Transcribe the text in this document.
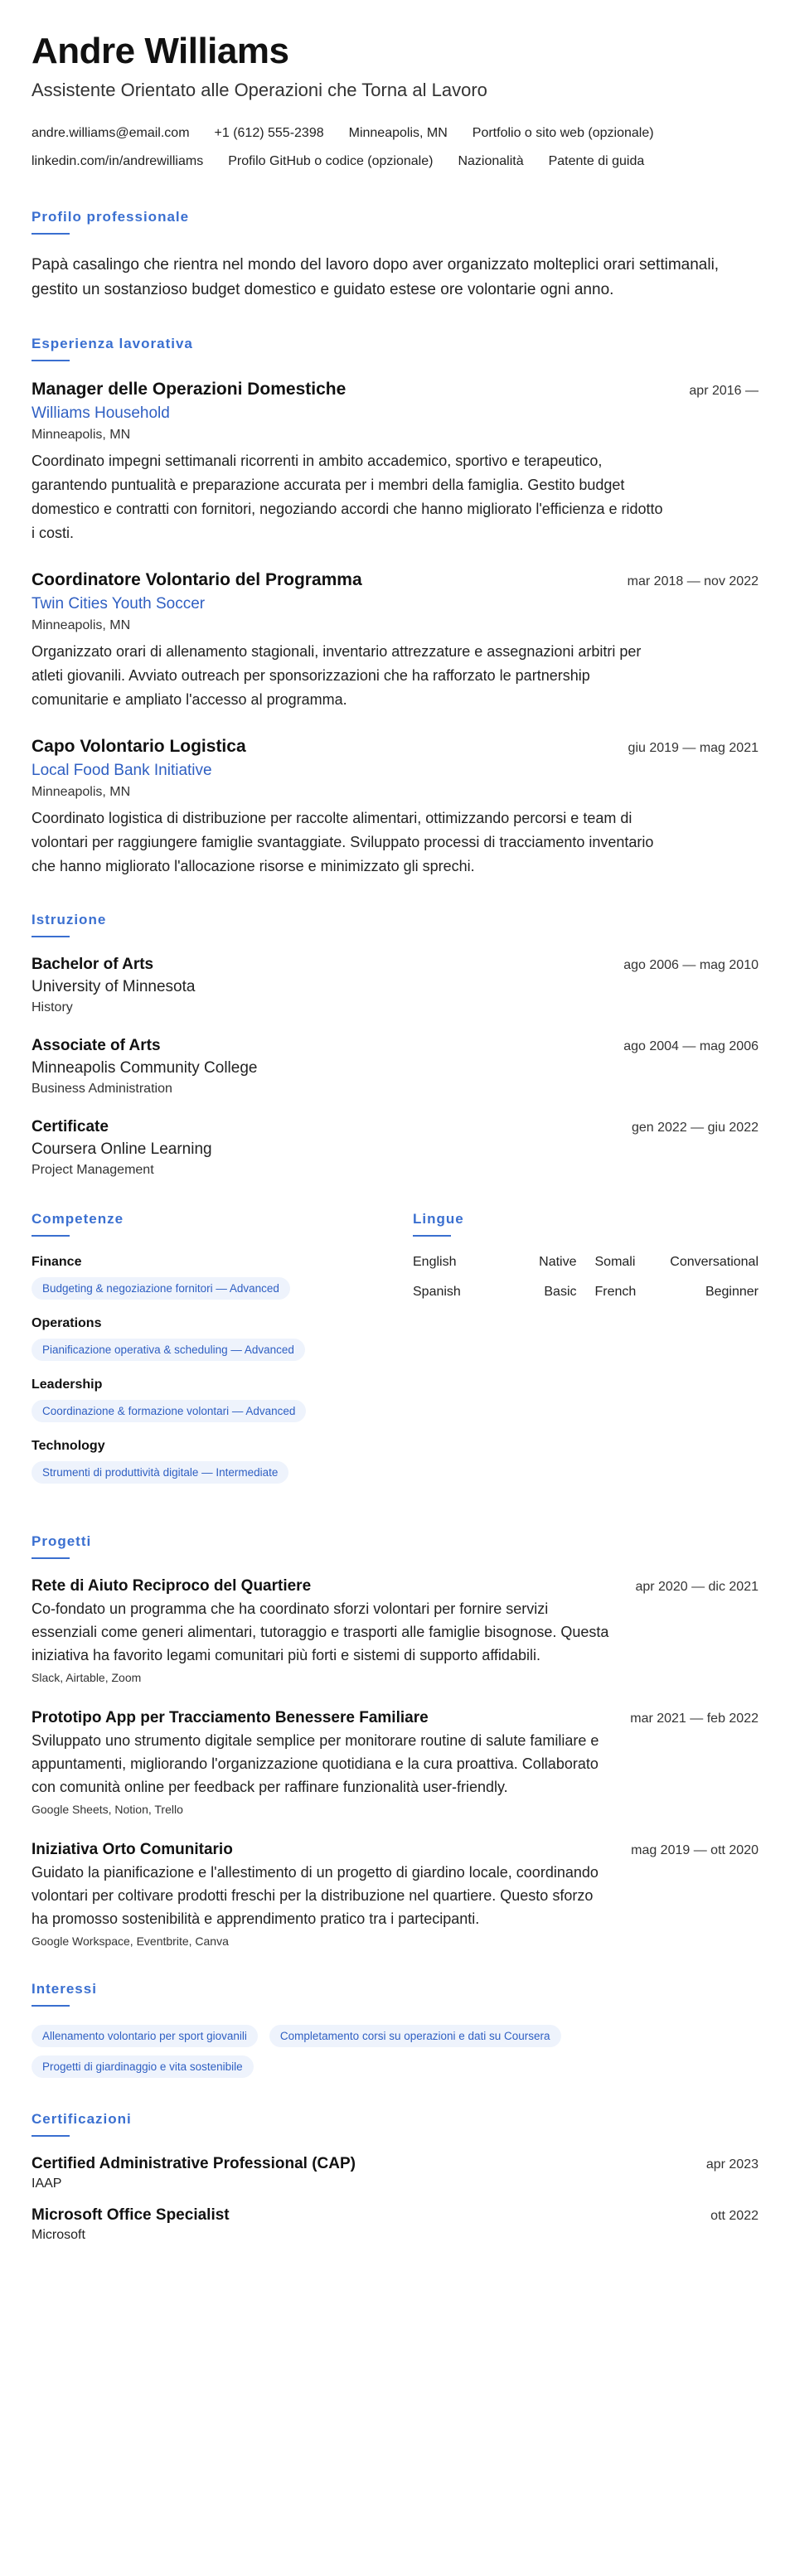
Andre Williams
Assistente Orientato alle Operazioni che Torna al Lavoro
andre.williams@email.com +1 (612) 555-2398 Minneapolis, MN Portfolio o sito web (opzionale)
linkedin.com/in/andrewilliams Profilo GitHub o codice (opzionale) Nazionalità Patente di guida
Profilo professionale

Papà casalingo che rientra nel mondo del lavoro dopo aver organizzato molteplici orari settimanali, gestito un sostanzioso budget domestico e guidato estese ore volontarie ogni anno.

Esperienza lavorativa
Manager delle Operazioni Domestiche	apr 2016 —
Williams Household
Minneapolis, MN

Coordinato impegni settimanali ricorrenti in ambito accademico, sportivo e terapeutico, garantendo puntualità e preparazione accurata per i membri della famiglia. Gestito budget domestico e contratti con fornitori, negoziando accordi che hanno migliorato l'efficienza e ridotto i costi.

Coordinatore Volontario del Programma	mar 2018 — nov 2022
Twin Cities Youth Soccer
Minneapolis, MN

Organizzato orari di allenamento stagionali, inventario attrezzature e assegnazioni arbitri per atleti giovanili. Avviato outreach per sponsorizzazioni che ha rafforzato le partnership comunitarie e ampliato l'accesso al programma.

Capo Volontario Logistica	giu 2019 — mag 2021
Local Food Bank Initiative
Minneapolis, MN

Coordinato logistica di distribuzione per raccolte alimentari, ottimizzando percorsi e team di volontari per raggiungere famiglie svantaggiate. Sviluppato processi di tracciamento inventario che hanno migliorato l'allocazione risorse e minimizzato gli sprechi.

Istruzione
Bachelor of Arts	ago 2006 — mag 2010
University of Minnesota
History
Associate of Arts	ago 2004 — mag 2006
Minneapolis Community College
Business Administration
Certificate	gen 2022 — giu 2022
Coursera Online Learning
Project Management
Competenze
Finance
Budgeting & negoziazione fornitori — Advanced
Operations
Pianificazione operativa & scheduling — Advanced
Leadership
Coordinazione & formazione volontari — Advanced
Technology
Strumenti di produttività digitale — Intermediate
Lingue
English	Native Somali	Conversational
Spanish	Basic French	Beginner
Progetti
Rete di Aiuto Reciproco del Quartiere	apr 2020 — dic 2021

Co-fondato un programma che ha coordinato sforzi volontari per fornire servizi essenziali come generi alimentari, tutoraggio e trasporti alle famiglie bisognose. Questa iniziativa ha favorito legami comunitari più forti e sistemi di supporto affidabili.

Slack, Airtable, Zoom
Prototipo App per Tracciamento Benessere Familiare	mar 2021 — feb 2022

Sviluppato uno strumento digitale semplice per monitorare routine di salute familiare e appuntamenti, migliorando l'organizzazione quotidiana e la cura proattiva. Collaborato con comunità online per feedback per raffinare funzionalità user-friendly.

Google Sheets, Notion, Trello
Iniziativa Orto Comunitario	mag 2019 — ott 2020

Guidato la pianificazione e l'allestimento di un progetto di giardino locale, coordinando volontari per coltivare prodotti freschi per la distribuzione nel quartiere. Questo sforzo ha promosso sostenibilità e apprendimento pratico tra i partecipanti.

Google Workspace, Eventbrite, Canva
Interessi
Allenamento volontario per sport giovanili	Completamento corsi su operazioni e dati su Coursera
Progetti di giardinaggio e vita sostenibile
Certificazioni
Certified Administrative Professional (CAP)	apr 2023
IAAP
Microsoft Office Specialist	ott 2022
Microsoft
